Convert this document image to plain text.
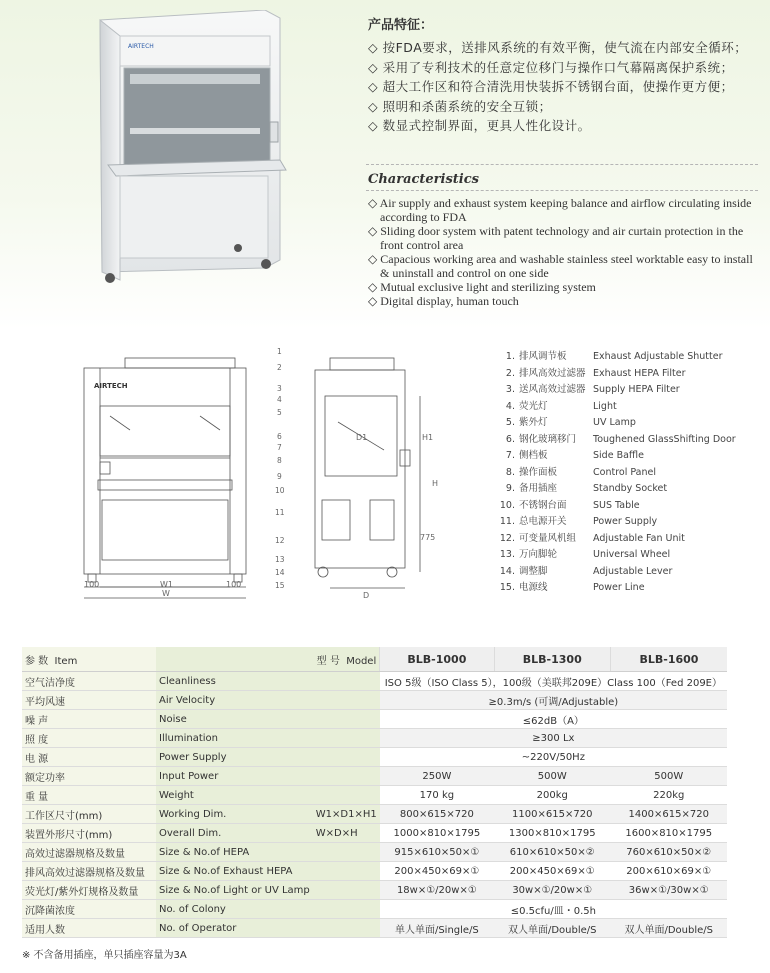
AIRTECH
产品特征：
◇ 按FDA要求，送排风系统的有效平衡，使气流在内部安全循环；
◇ 采用了专利技术的任意定位移门与操作口气幕隔离保护系统；
◇ 超大工作区和符合清洗用快装拆不锈钢台面，使操作更方便；
◇ 照明和杀菌系统的安全互锁；
◇ 数显式控制界面，更具人性化设计。
Characteristics
◇ Air supply and exhaust system keeping balance and airflow circulating inside according to FDA
◇ Sliding door system with patent technology and air curtain protection in the front control area
◇ Capacious working area and washable stainless steel worktable easy to install & uninstall and control on one side
◇ Mutual exclusive light and sterilizing system
◇ Digital display, human touch
AIRTECH
100	W1	100
W
D1
D
H1
H
775
1
2
3
4
5
6
7
8
9
10
11
12
13
14
15
1. 排风调节板	Exhaust Adjustable Shutter
2. 排风高效过滤器 Exhaust HEPA Filter
3. 送风高效过滤器 Supply HEPA Filter
4. 荧光灯	Light
5. 紫外灯	UV Lamp
6. 钢化玻璃移门 Toughened GlassShifting Door
7. 侧档板	Side Baffle
8. 操作面板	Control Panel
9. 备用插座	Standby Socket
10. 不锈钢台面	SUS Table
11. 总电源开关	Power Supply
12. 可变量风机组 Adjustable Fan Unit
13. 万向脚轮	Universal Wheel
14. 调整脚	Adjustable Lever
15. 电源线	Power Line
参 数 Item	型 号 Model		BLB-1000	BLB-1300	BLB-1600
空气洁净度	Cleanliness		ISO 5级（ISO Class 5），100级（美联邦209E）Class 100（Fed 209E）		
平均风速	Air Velocity		≥0.3m/s (可调/Adjustable)		
噪 声	Noise		≤62dB（A）		
照 度	Illumination		≥300 Lx		
电 源	Power Supply		~220V/50Hz		
额定功率	Input Power		250W	500W	500W
重 量	Weight		170 kg	200kg	220kg
工作区尺寸(mm)	Working Dim.	W1×D1×H1	800×615×720	1100×615×720	1400×615×720
装置外形尺寸(mm)	Overall Dim.	W×D×H	1000×810×1795	1300×810×1795	1600×810×1795
高效过滤器规格及数量	Size & No.of HEPA		915×610×50×①	610×610×50×②	760×610×50×②
排风高效过滤器规格及数量	Size & No.of Exhaust HEPA		200×450×69×①	200×450×69×①	200×610×69×①
荧光灯/紫外灯规格及数量	Size & No.of Light or UV Lamp		18w×①/20w×①	30w×①/20w×①	36w×①/30w×①
沉降菌浓度	No. of Colony		≤0.5cfu/皿・0.5h		
适用人数	No. of Operator		单人单面/Single/S	双人单面/Double/S	双人单面/Double/S
※ 不含备用插座，单只插座容量为3A
